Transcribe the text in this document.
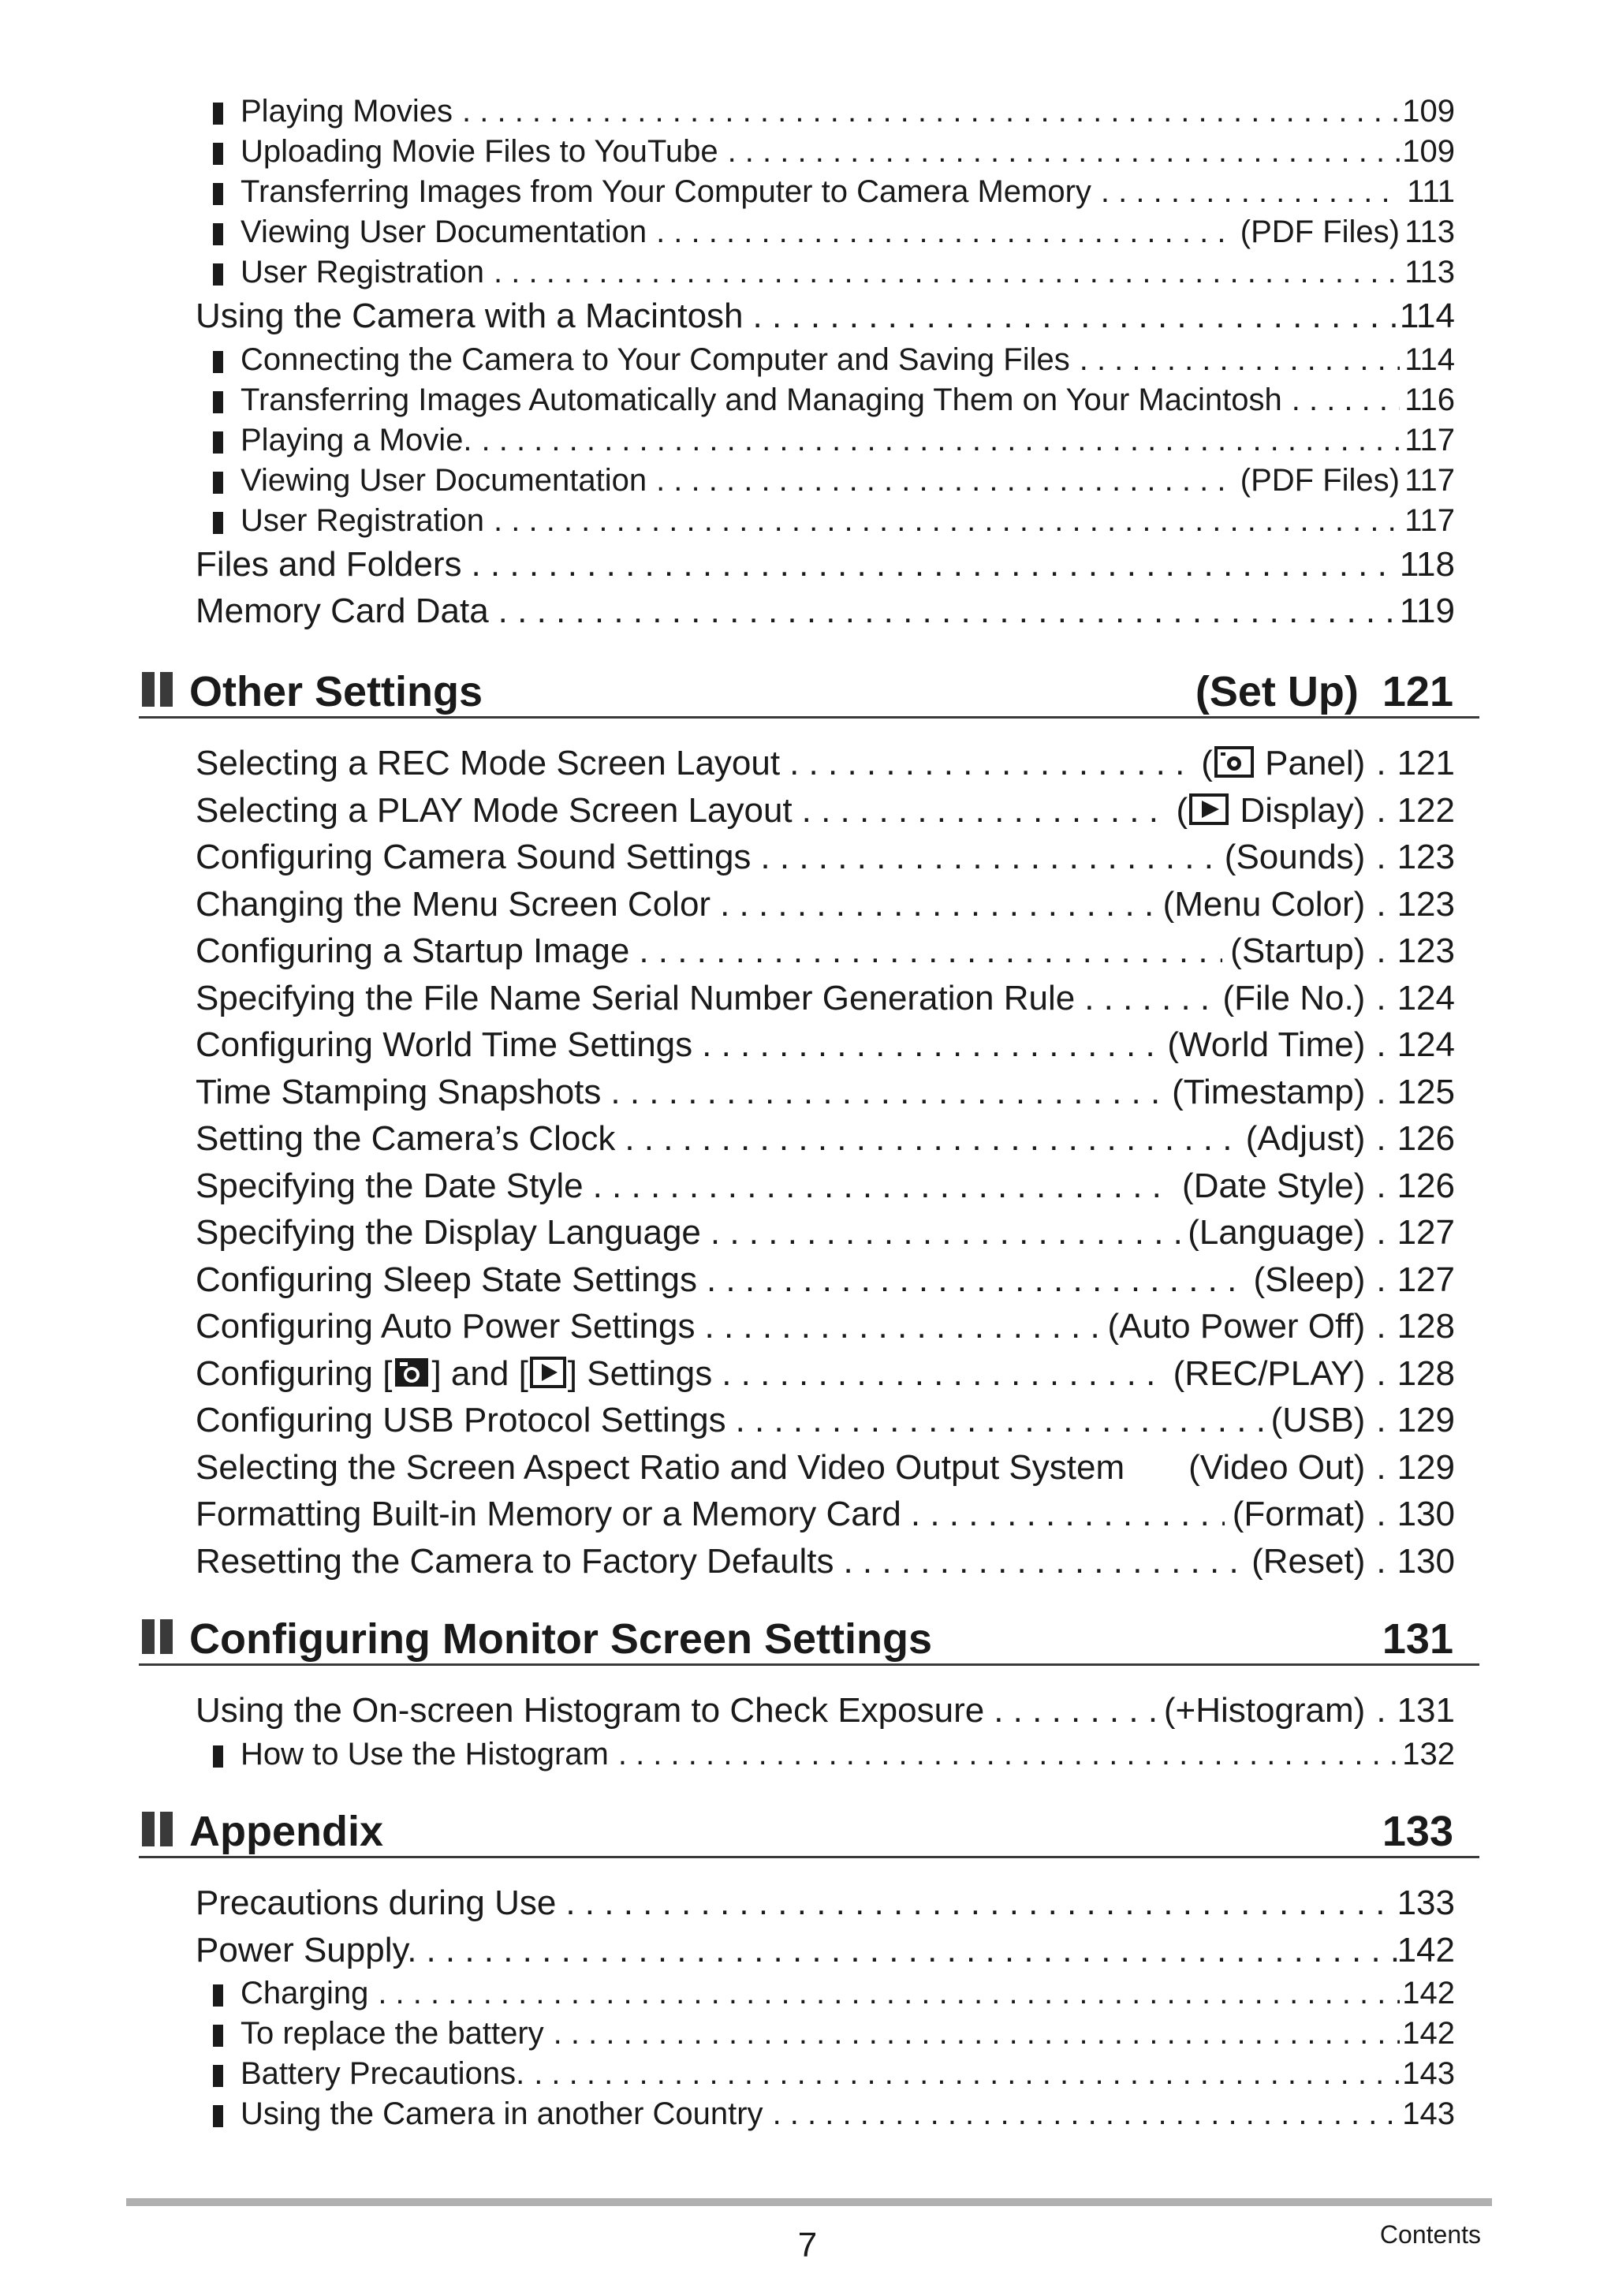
Playing Movies . . .	109
Uploading Movie Files to YouTube . . .	109
Transferring Images from Your Computer to Camera Memory . . .	111
Viewing User Documentation . . .	(PDF Files) 113
User Registration . . .	113
Using the Camera with a Macintosh . . .	114
Connecting the Camera to Your Computer and Saving Files . . .	114
Transferring Images Automatically and Managing Them on Your Macintosh . . .	116
Playing a Movie. . . .	117
Viewing User Documentation . . .	(PDF Files) 117
User Registration . . .	117
Files and Folders . . .	118
Memory Card Data . . .	119
Other Settings	(Set Up) 121
Selecting a REC Mode Screen Layout . . .	( Panel) . 121
Selecting a PLAY Mode Screen Layout . . .	( Display) . 122
Configuring Camera Sound Settings . . .	(Sounds) . 123
Changing the Menu Screen Color . . .	(Menu Color) . 123
Configuring a Startup Image . . .	(Startup) . 123
Specifying the File Name Serial Number Generation Rule . . .	(File No.) . 124
Configuring World Time Settings . . .	(World Time) . 124
Time Stamping Snapshots . . .	(Timestamp) . 125
Setting the Camera’s Clock . . .	(Adjust) . 126
Specifying the Date Style . . .	(Date Style) . 126
Specifying the Display Language . . .	(Language) . 127
Configuring Sleep State Settings . . .	(Sleep) . 127
Configuring Auto Power Settings . . .	(Auto Power Off) . 128
Configuring [ ] and [ ] Settings . . .	(REC/PLAY) . 128
Configuring USB Protocol Settings . . .	(USB) . 129
Selecting the Screen Aspect Ratio and Video Output System (Video Out) . 129
Formatting Built-in Memory or a Memory Card . . .	(Format) . 130
Resetting the Camera to Factory Defaults . . .	(Reset) . 130
Configuring Monitor Screen Settings	131
Using the On-screen Histogram to Check Exposure . . .	(+Histogram) . 131
How to Use the Histogram . . .	132
Appendix	133
Precautions during Use . . .	133
Power Supply. . . .	142
Charging . . .	142
To replace the battery . . .	142
Battery Precautions. . . .	143
Using the Camera in another Country . . .	143
7	Contents
